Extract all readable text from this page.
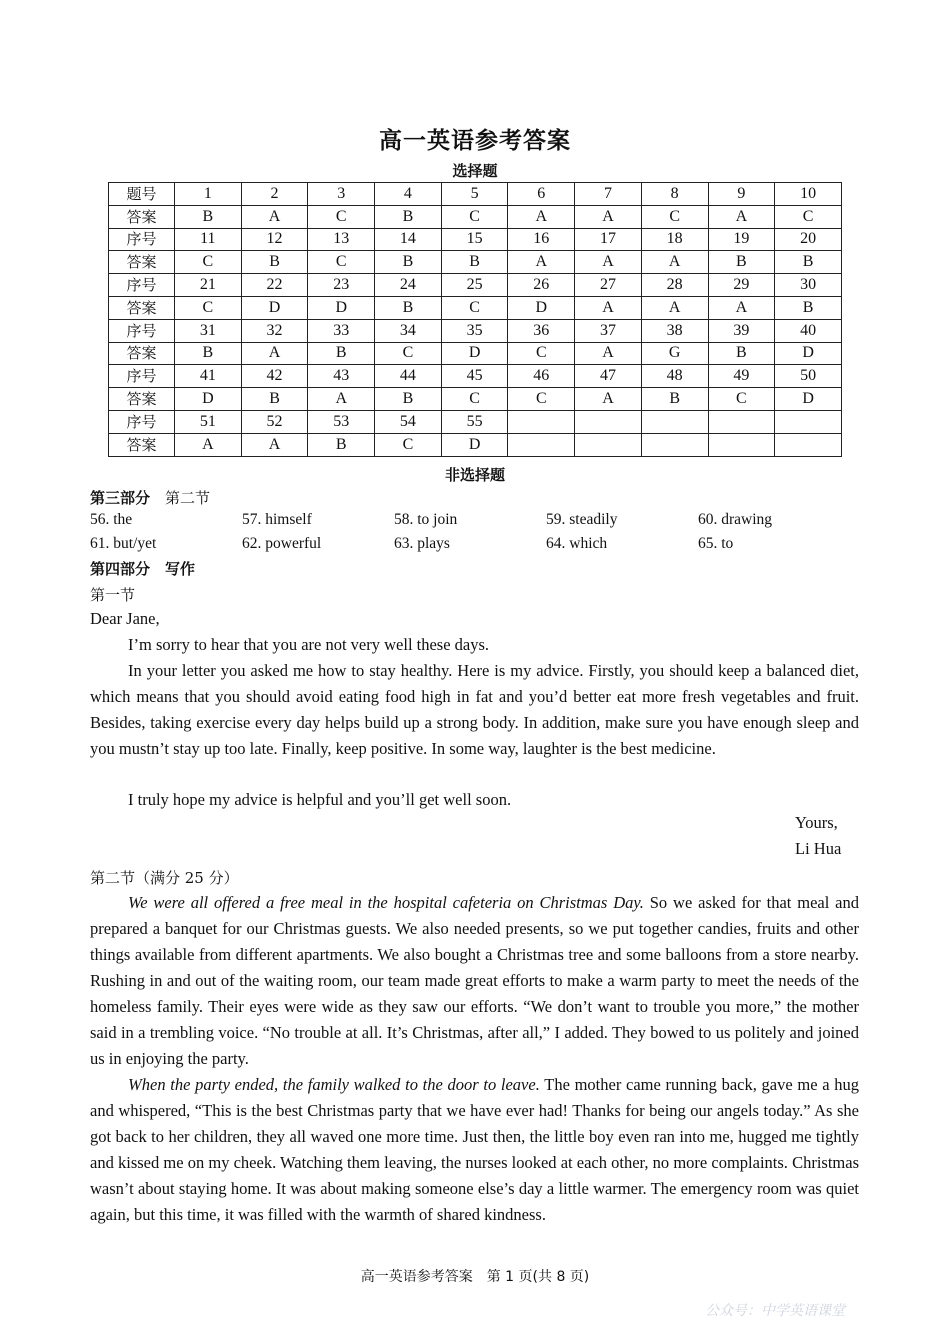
高一英语参考答案
选择题
题号	1	2	3	4	5	6	7	8	9	10
答案	B	A	C	B	C	A	A	C	A	C
序号	11	12	13	14	15	16	17	18	19	20
答案	C	B	C	B	B	A	A	A	B	B
序号	21	22	23	24	25	26	27	28	29	30
答案	C	D	D	B	C	D	A	A	A	B
序号	31	32	33	34	35	36	37	38	39	40
答案	B	A	B	C	D	C	A	G	B	D
序号	41	42	43	44	45	46	47	48	49	50
答案	D	B	A	B	C	C	A	B	C	D
序号	51	52	53	54	55					
答案	A	A	B	C	D					
非选择题
第三部分　 第二节
56. the	57. himself	58. to join	59. steadily	60. drawing
61. but/yet	62. powerful	63. plays	64. which	65. to
第四部分　写作
第一节
Dear Jane,
I’m sorry to hear that you are not very well these days.
In your letter you asked me how to stay healthy. Here is my advice. Firstly, you should keep a balanced diet, which means that you should avoid eating food high in fat and you’d better eat more fresh vegetables and fruit. Besides, taking exercise every day helps build up a strong body. In addition, make sure you have enough sleep and you mustn’t stay up too late. Finally, keep positive. In some way, laughter is the best medicine.
I truly hope my advice is helpful and you’ll get well soon.
Yours,
Li Hua
第二节（满分 25 分）
We were all offered a free meal in the hospital cafeteria on Christmas Day. So we asked for that meal and prepared a banquet for our Christmas guests. We also needed presents, so we put together candies, fruits and other things available from different apartments. We also bought a Christmas tree and some balloons from a store nearby. Rushing in and out of the waiting room, our team made great efforts to make a warm party to meet the needs of the homeless family. Their eyes were wide as they saw our efforts. “We don’t want to trouble you more,” the mother said in a trembling voice. “No trouble at all. It’s Christmas, after all,” I added. They bowed to us politely and joined us in enjoying the party.
When the party ended, the family walked to the door to leave. The mother came running back, gave me a hug and whispered, “This is the best Christmas party that we have ever had! Thanks for being our angels today.” As she got back to her children, they all waved one more time. Just then, the little boy even ran into me, hugged me tightly and kissed me on my cheek. Watching them leaving, the nurses looked at each other, no more complaints. Christmas wasn’t about staying home. It was about making someone else’s day a little warmer. The emergency room was quiet again, but this time, it was filled with the warmth of shared kindness.
高一英语参考答案　第 1 页(共 8 页)
公众号：中学英语课堂
